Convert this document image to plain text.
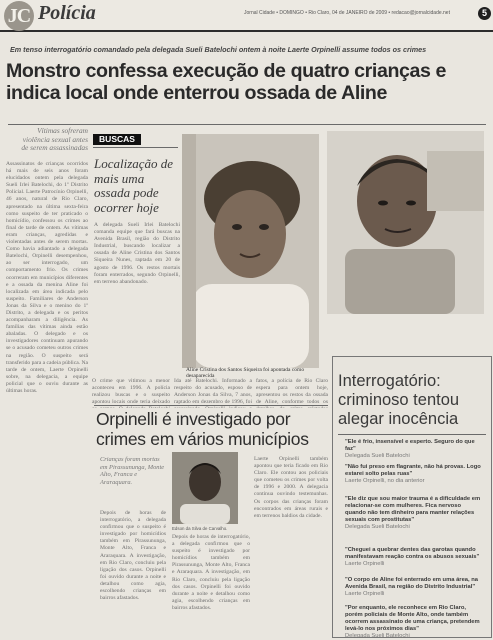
JC Polícia	Jornal Cidade • DOMINGO • Rio Claro, 04 de JANEIRO de 2009 • redacao@jornalcidade.net	5
Em tenso interrogatório comandado pela delegada Sueli Batelochi ontem à noite Laerte Orpinelli assume todos os crimes
Monstro confessa execução de quatro crianças e indica local onde enterrou ossada de Aline
Vítimas sofreram violência sexual antes de serem assassinadas
Assassinatos de crianças ocorridos há mais de seis anos foram elucidados ontem pela delegada Sueli Irlei Batelochi, do 1º Distrito Policial. Laerte Patrocínio Orpinelli, 46 anos, natural de Rio Claro, apresentado na última sexta-feira como suspeito de ter praticado o homicídio, confessou os crimes ao final de tarde de ontem. As vítimas eram crianças, agredidas e violentadas antes de serem mortas. Como havia adiantado a delegada Batelochi, Orpinelli desempenhou, ao ser interrogado, um comportamento frio. Os crimes ocorreram em municípios diferentes e a ossada da menina Aline foi localizada em área indicada pelo suspeito. Familiares de Anderson Jonas da Silva e o menino do 1º Distrito, a delegada e os peritos acompanharam a diligência. As famílias das vítimas ainda estão abaladas. O delegado e os investigadores continuam apurando se o acusado cometeu outros crimes na região. O suspeito será transferido para a cadeia pública. Na tarde de ontem, Laerte Orpinelli sobre, na delegacia, a equipe policial que o ouviu durante as últimas horas.
BUSCAS
Localização de mais uma ossada pode ocorrer hoje
A delegada Sueli Irlei Batelochi comanda equipe que fará buscas na Avenida Brasil, região do Distrito Industrial, buscando localizar a ossada de Aline Cristina dos Santos Siqueira Nunes, raptada em 20 de agosto de 1996. Os restos mortais foram enterrados, segundo Orpinelli, em terreno abandonado.
Aline Cristina dos Santos Siqueira foi apontada como desaparecida
O crime que vitimou a menor aconteceu em 1996. A polícia realizou buscas e o suspeito apontou locais onde teria deixado
Ida até Batelochi. Informado a respeito do acusado, esposo de Anderson Jonas da Silva, 7 anos, raptado em dezembro de 1996, foi
fatos, a polícia de Rio Claro espera para ontem hoje, apresentou os restos da ossada de Aline, conforme todos os
Interrogatório: criminoso tentou alegar inocência
"Ele é frio, insensível e esperto. Seguro do que faz"
Delegada Sueli Batelochi
"Não fui preso em flagrante, não há provas. Logo estarei solto pelas ruas"
Laerte Orpinelli, no dia anterior
"Ele diz que sou maior trauma é a dificuldade em relacionar-se com mulheres. Fica nervoso quando não tem dinheiro para manter relações sexuais com prostitutas"
Delegada Sueli Batelochi
"Cheguei a quebrar dentes das garotas quando manifestavam reação contra os abusos sexuais"
Laerte Orpinelli
"O corpo de Aline foi enterrado em uma área, na Avenida Brasil, na região do Distrito Industrial"
Laerte Orpinelli
"Por enquanto, ele reconhece em Rio Claro, porém policiais de Monte Alto, onde também ocorrem assassinato de uma criança, pretendem levá-lo nos próximos dias"
Delegada Sueli Batelochi
Orpinelli é investigado por crimes em vários municípios
Crianças foram mortas em Pirassununga, Monte Alto, Franca e Araraquara.
Depois de horas de interrogatório, a delegada confirmou que o suspeito é investigado por homicídios também em Pirassununga, Monte Alto, Franca e Araraquara. A investigação, em Rio Claro, concluiu pela ligação dos casos. Orpinelli foi ouvido durante a noite e detalhou como agia, escolhendo crianças em bairros afastados.
Edson da Silva de Carvalho.
Depois de horas de interrogatório, a delegada confirmou que o suspeito é investigado por homicídios também em Pirassununga, Monte Alto, Franca e Araraquara. A investigação, em Rio Claro, concluiu pela ligação dos casos. Orpinelli foi ouvido durante a noite e detalhou como agia, escolhendo crianças em bairros afastados.
Laerte Orpinelli também apontou que teria ficado em Rio Claro. Ele contou aos policiais que cometeu os crimes por volta de 1996 e 2000. A delegacia continua ouvindo testemunhas. Os corpos das crianças foram encontrados em áreas rurais e em terrenos baldios da cidade.
